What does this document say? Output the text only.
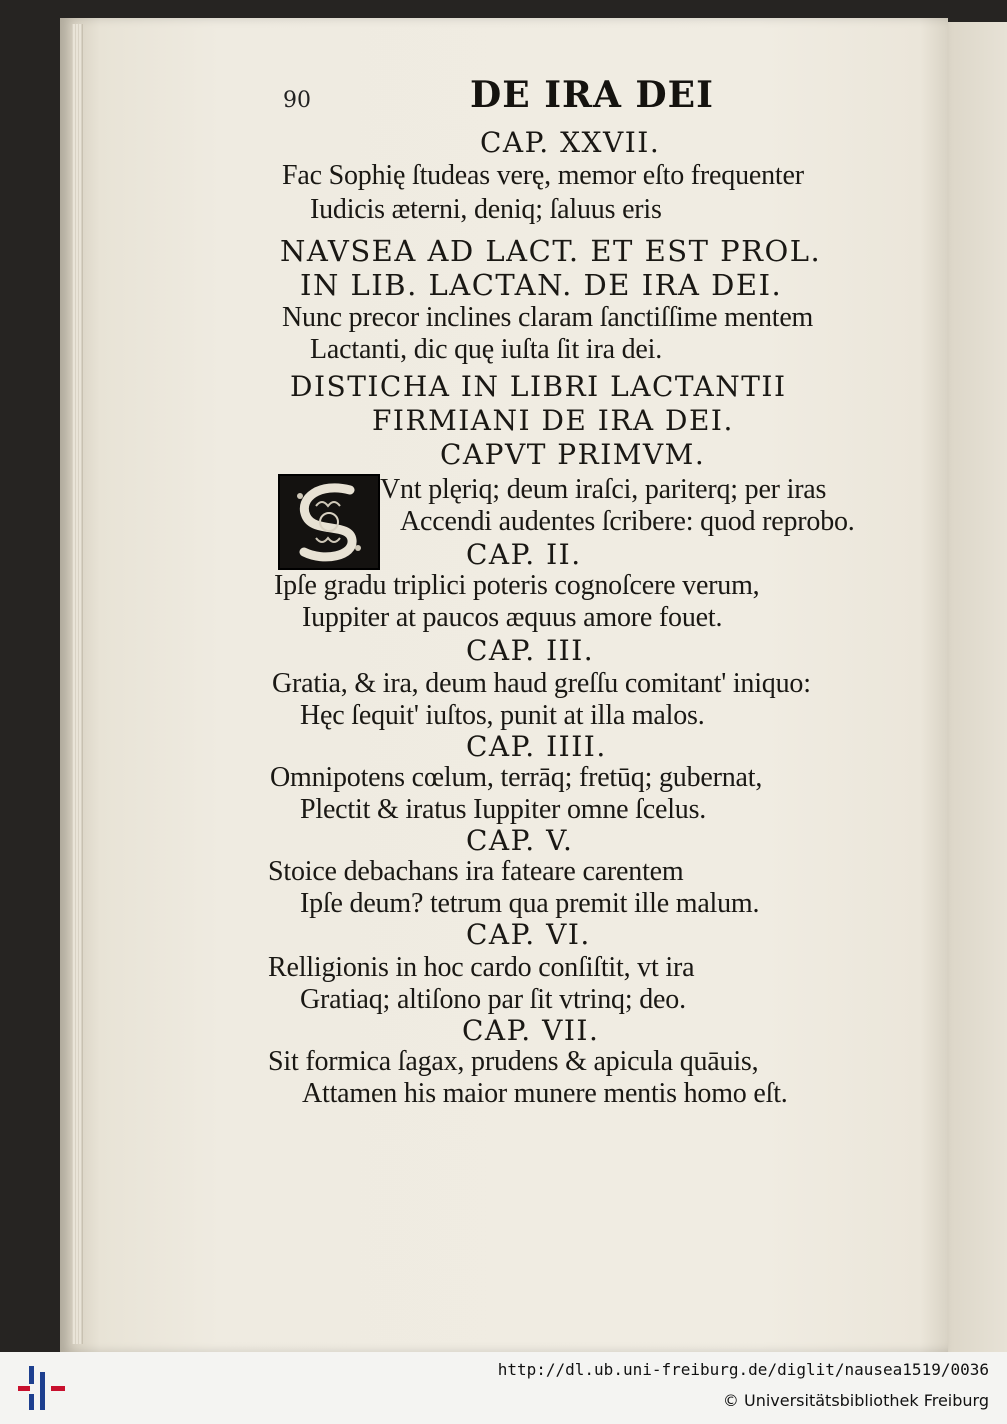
90	DE IRA DEI
CAP. XXVII.
Fac Sophię ſtudeas verę, memor eſto frequenter
Iudicis æterni, deniq; ſaluus eris
NAVSEA AD LACT. ET EST PROL.
IN LIB. LACTAN. DE IRA DEI.
Nunc precor inclines claram ſanctiſſime mentem
Lactanti, dic quę iuſta ſit ira dei.
DISTICHA IN LIBRI LACTANTII
FIRMIANI DE IRA DEI.
CAPVT PRIMVM.
Vnt plęriq; deum iraſci, pariterq; per iras
Accendi audentes ſcribere: quod reprobo.
CAP. II.
Ipſe gradu triplici poteris cognoſcere verum,
Iuppiter at paucos æquus amore fouet.
CAP. III.
Gratia, & ira, deum haud greſſu comitant' iniquo:
Hęc ſequit' iuſtos, punit at illa malos.
CAP. IIII.
Omnipotens cœlum, terrāq; fretūq; gubernat,
Plectit & iratus Iuppiter omne ſcelus.
CAP. V.
Stoice debachans ira fateare carentem
Ipſe deum? tetrum qua premit ille malum.
CAP. VI.
Relligionis in hoc cardo conſiſtit, vt ira
Gratiaq; altiſono par ſit vtrinq; deo.
CAP. VII.
Sit formica ſagax, prudens & apicula quāuis,
Attamen his maior munere mentis homo eſt.
http://dl.ub.uni-freiburg.de/diglit/nausea1519/0036
© Universitätsbibliothek Freiburg
